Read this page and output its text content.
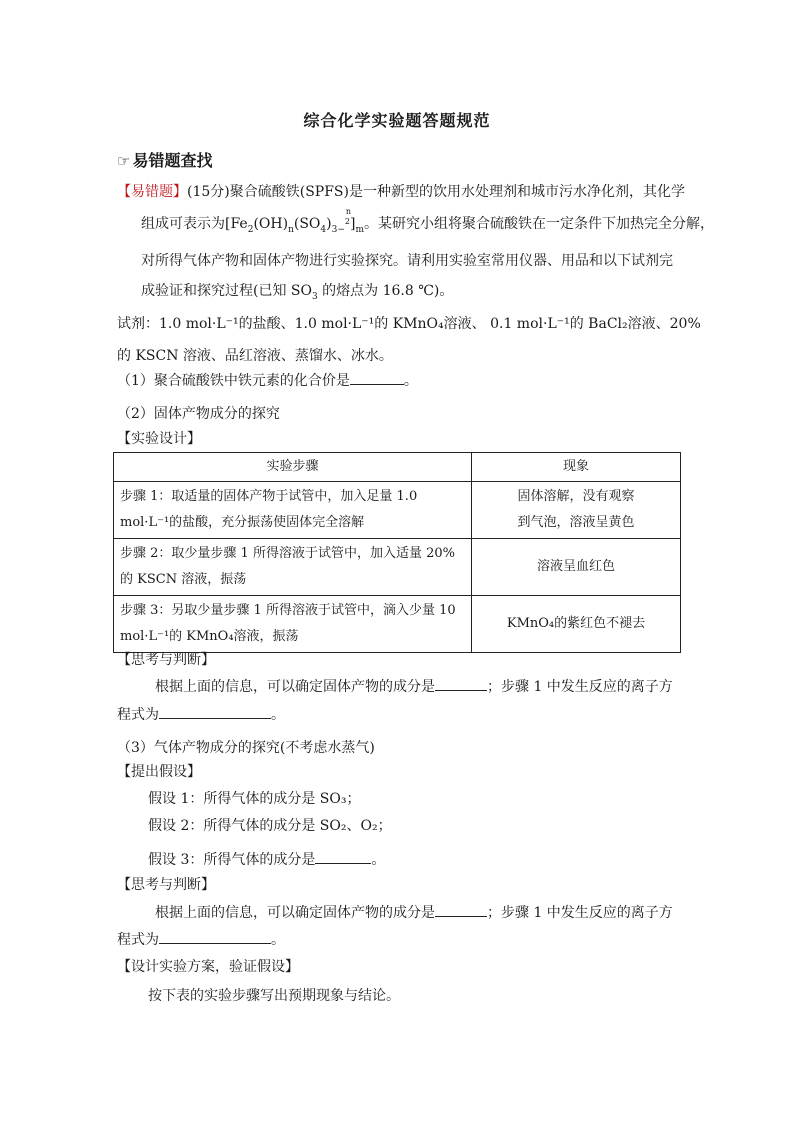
综合化学实验题答题规范
☞ 易错题查找
【易错题】(15分)聚合硫酸铁(SPFS)是一种新型的饮用水处理剂和城市污水净化剂，其化学
组成可表示为$[Fe_2(OH)_n(SO_4)_{3- n 2}]_m$。某研究小组将聚合硫酸铁在一定条件下加热完全分解，
对所得气体产物和固体产物进行实验探究。请利用实验室常用仪器、用品和以下试剂完
成验证和探究过程(已知 $SO_3$ 的熔点为 16.8 ℃)。
试剂：1.0 mol·L⁻¹的盐酸、1.0 mol·L⁻¹的 KMnO₄溶液、 0.1 mol·L⁻¹的 BaCl₂溶液、20%
的 KSCN 溶液、品红溶液、蒸馏水、冰水。
（1）聚合硫酸铁中铁元素的化合价是	。
（2）固体产物成分的探究
【实验设计】
实验步骤	现象
步骤 1：取适量的固体产物于试管中，加入足量 1.0
mol·L⁻¹的盐酸，充分振荡使固体完全溶解	固体溶解，没有观察
到气泡，溶液呈黄色
步骤 2：取少量步骤 1 所得溶液于试管中，加入适量 20%
的 KSCN 溶液，振荡	溶液呈血红色
步骤 3：另取少量步骤 1 所得溶液于试管中，滴入少量 10
mol·L⁻¹的 KMnO₄溶液，振荡	KMnO₄的紫红色不褪去
【思考与判断】
根据上面的信息，可以确定固体产物的成分是	；步骤 1 中发生反应的离子方
程式为	。
（3）气体产物成分的探究(不考虑水蒸气)
【提出假设】
假设 1：所得气体的成分是 SO₃；
假设 2：所得气体的成分是 SO₂、O₂；
假设 3：所得气体的成分是	。
【思考与判断】
根据上面的信息，可以确定固体产物的成分是	；步骤 1 中发生反应的离子方
程式为	。
【设计实验方案，验证假设】
按下表的实验步骤写出预期现象与结论。
